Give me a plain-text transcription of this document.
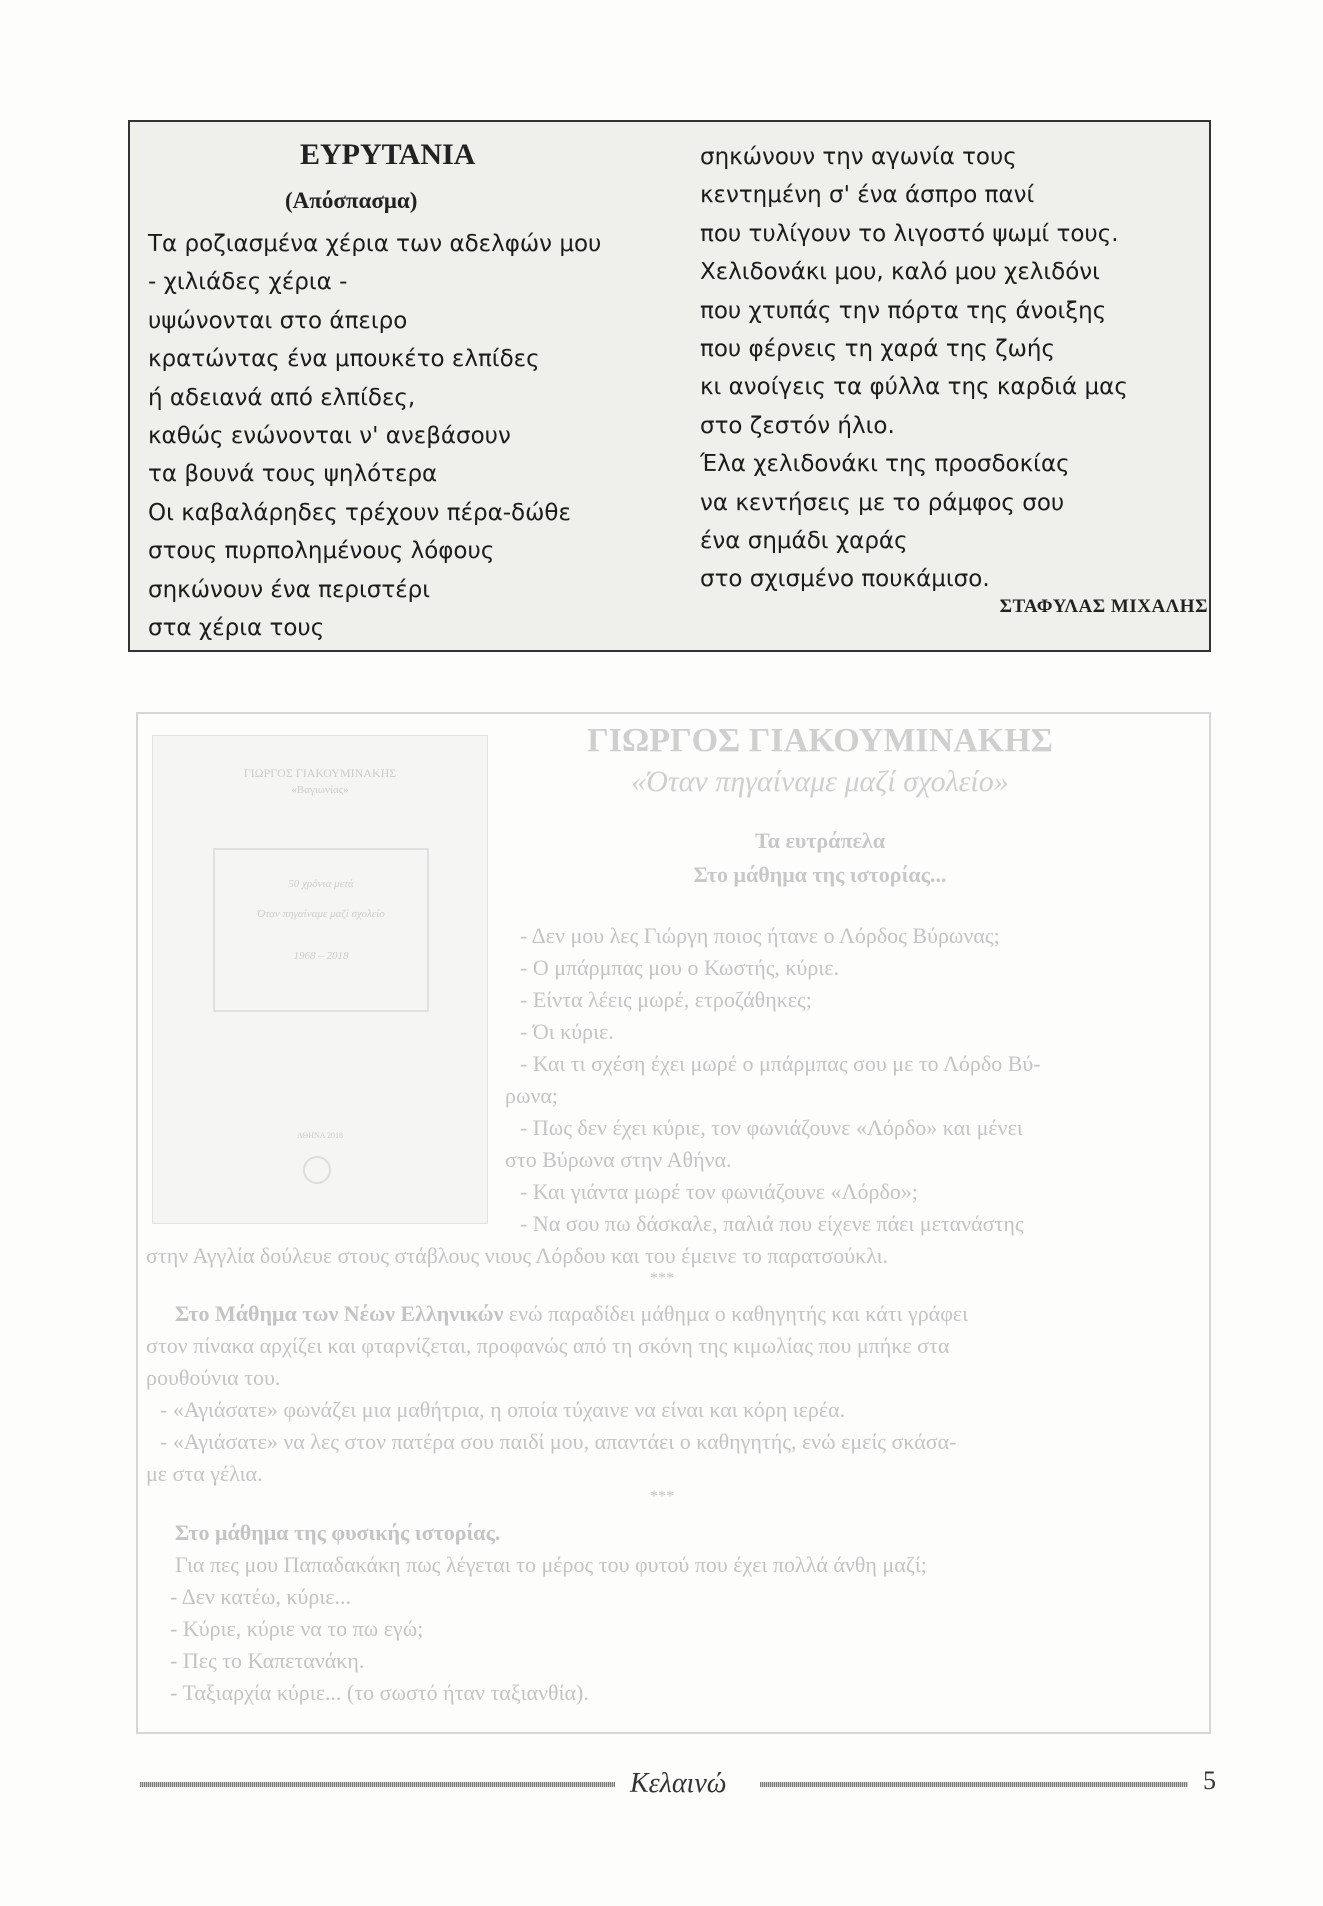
ΕΥΡΥΤΑΝΙΑ
(Απόσπασμα)
Τα ροζιασμένα χέρια των αδελφών μου
- χιλιάδες χέρια -
υψώνονται στο άπειρο
κρατώντας ένα μπουκέτο ελπίδες
ή αδειανά από ελπίδες,
καθώς ενώνονται ν' ανεβάσουν
τα βουνά τους ψηλότερα
Οι καβαλάρηδες τρέχουν πέρα-δώθε
στους πυρπολημένους λόφους
σηκώνουν ένα περιστέρι
στα χέρια τους
σηκώνουν την αγωνία τους
κεντημένη σ' ένα άσπρο πανί
που τυλίγουν το λιγοστό ψωμί τους.
Χελιδονάκι μου, καλό μου χελιδόνι
που χτυπάς την πόρτα της άνοιξης
που φέρνεις τη χαρά της ζωής
κι ανοίγεις τα φύλλα της καρδιά μας
στο ζεστόν ήλιο.
Έλα χελιδονάκι της προσδοκίας
να κεντήσεις με το ράμφος σου
ένα σημάδι χαράς
στο σχισμένο πουκάμισο.
ΣΤΑΦΥΛΑΣ ΜΙΧΑΛΗΣ
ΓΙΩΡΓΟΣ ΓΙΑΚΟΥΜΙΝΑΚΗΣ
«Βαγιωνίας»
50 χρόνια μετά
Όταν πηγαίναμε μαζί σχολείο
1968 – 2018
ΑΘΗΝΑ 2018
ΓΙΩΡΓΟΣ ΓΙΑΚΟΥΜΙΝΑΚΗΣ
«Όταν πηγαίναμε μαζί σχολείο»
Τα ευτράπελα
Στο μάθημα της ιστορίας...
- Δεν μου λες Γιώργη ποιος ήτανε ο Λόρδος Βύρωνας;
- Ο μπάρμπας μου ο Κωστής, κύριε.
- Είντα λέεις μωρέ, ετροζάθηκες;
- Όι κύριε.
- Και τι σχέση έχει μωρέ ο μπάρμπας σου με το Λόρδο Βύ-
ρωνα;
- Πως δεν έχει κύριε, τον φωνιάζουνε «Λόρδο» και μένει
στο Βύρωνα στην Αθήνα.
- Και γιάντα μωρέ τον φωνιάζουνε «Λόρδο»;
- Να σου πω δάσκαλε, παλιά που είχενε πάει μετανάστης
στην Αγγλία δούλευε στους στάβλους νιους Λόρδου και του έμεινε το παρατσούκλι.
***
Στο Μάθημα των Νέων Ελληνικών ενώ παραδίδει μάθημα ο καθηγητής και κάτι γράφει
στον πίνακα αρχίζει και φταρνίζεται, προφανώς από τη σκόνη της κιμωλίας που μπήκε στα
ρουθούνια του.
- «Αγιάσατε» φωνάζει μια μαθήτρια, η οποία τύχαινε να είναι και κόρη ιερέα.
- «Αγιάσατε» να λες στον πατέρα σου παιδί μου, απαντάει ο καθηγητής, ενώ εμείς σκάσα-
με στα γέλια.
***
Στο μάθημα της φυσικής ιστορίας.
Για πες μου Παπαδακάκη πως λέγεται το μέρος του φυτού που έχει πολλά άνθη μαζί;
- Δεν κατέω, κύριε...
- Κύριε, κύριε να το πω εγώ;
- Πες το Καπετανάκη.
- Ταξιαρχία κύριε... (το σωστό ήταν ταξιανθία).
Κελαινώ	5
